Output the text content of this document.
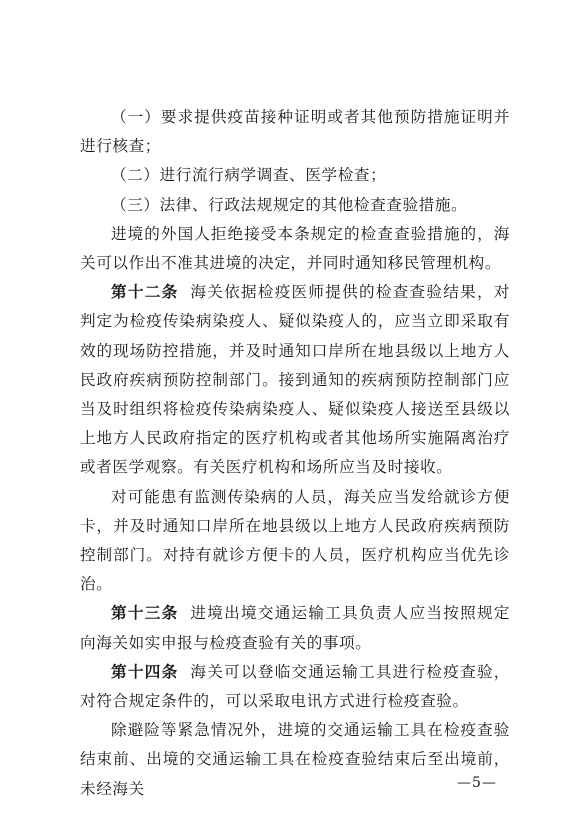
（一）要求提供疫苗接种证明或者其他预防措施证明并进行核查；

（二）进行流行病学调查、医学检查；

（三）法律、行政法规规定的其他检查查验措施。

进境的外国人拒绝接受本条规定的检查查验措施的，海关可以作出不准其进境的决定，并同时通知移民管理机构。

第十二条 海关依据检疫医师提供的检查查验结果，对判定为检疫传染病染疫人、疑似染疫人的，应当立即采取有效的现场防控措施，并及时通知口岸所在地县级以上地方人民政府疾病预防控制部门。接到通知的疾病预防控制部门应当及时组织将检疫传染病染疫人、疑似染疫人接送至县级以上地方人民政府指定的医疗机构或者其他场所实施隔离治疗或者医学观察。有关医疗机构和场所应当及时接收。

对可能患有监测传染病的人员，海关应当发给就诊方便卡，并及时通知口岸所在地县级以上地方人民政府疾病预防控制部门。对持有就诊方便卡的人员，医疗机构应当优先诊治。

第十三条 进境出境交通运输工具负责人应当按照规定向海关如实申报与检疫查验有关的事项。

第十四条 海关可以登临交通运输工具进行检疫查验，对符合规定条件的，可以采取电讯方式进行检疫查验。

除避险等紧急情况外，进境的交通运输工具在检疫查验结束前、出境的交通运输工具在检疫查验结束后至出境前，未经海关	—5—
